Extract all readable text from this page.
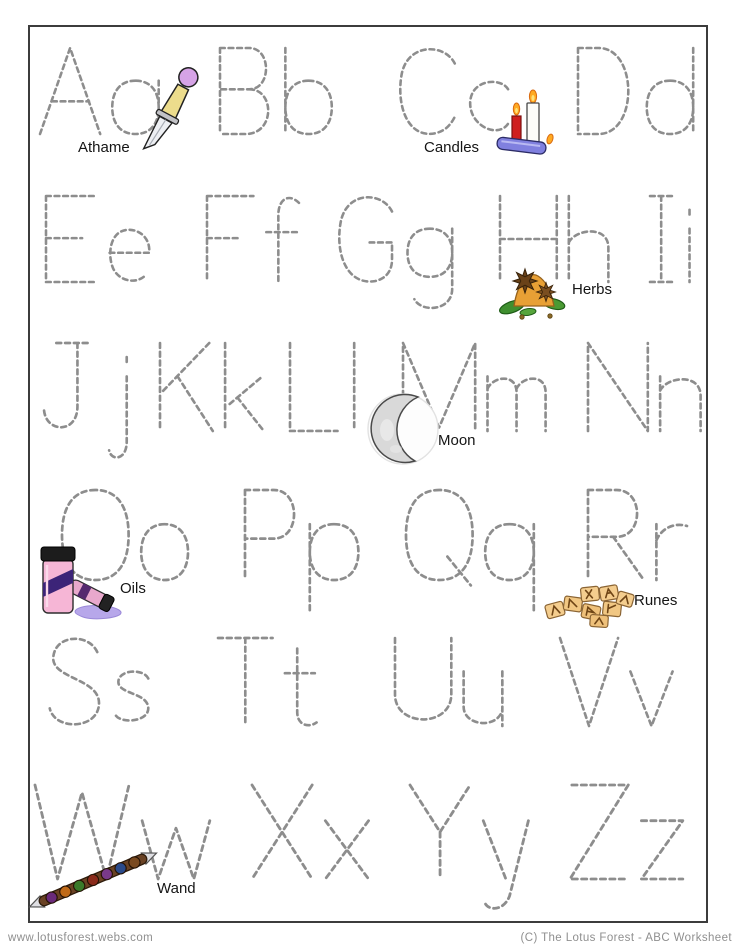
Athame	Candles
Herbs
Moon
Oils
Runes
Wand
www.lotusforest.webs.com	(C) The Lotus Forest - ABC Worksheet
